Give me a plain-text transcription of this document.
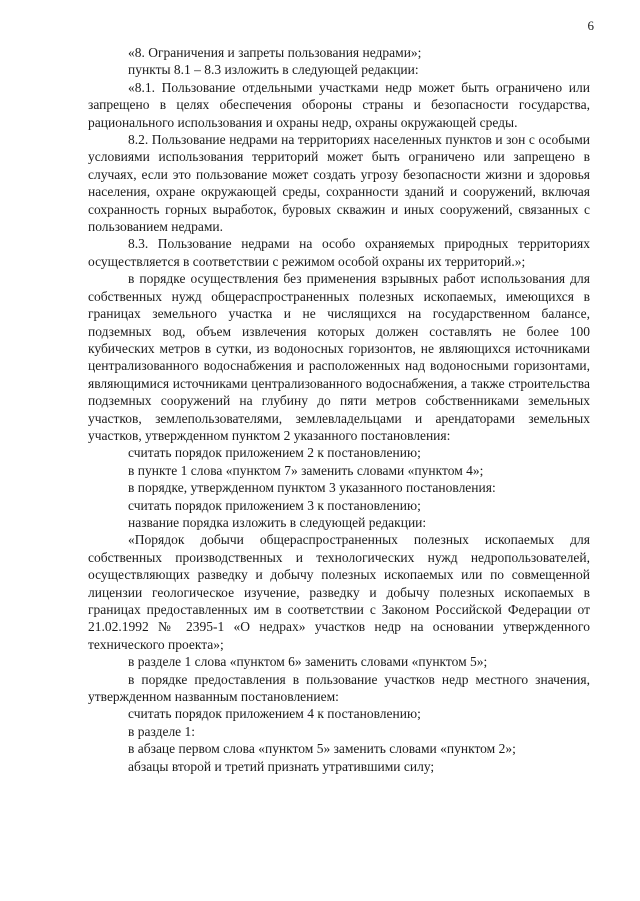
6

«8. Ограничения и запреты пользования недрами»;

пункты 8.1 – 8.3 изложить в следующей редакции:

«8.1. Пользование отдельными участками недр может быть ограничено или запрещено в целях обеспечения обороны страны и безопасности государства, рационального использования и охраны недр, охраны окружающей среды.

8.2. Пользование недрами на территориях населенных пунктов и зон с особыми условиями использования территорий может быть ограничено или запрещено в случаях, если это пользование может создать угрозу безопасности жизни и здоровья населения, охране окружающей среды, сохранности зданий и сооружений, включая сохранность горных выработок, буровых скважин и иных сооружений, связанных с пользованием недрами.

8.3. Пользование недрами на особо охраняемых природных территориях осуществляется в соответствии с режимом особой охраны их территорий.»;

в порядке осуществления без применения взрывных работ использования для собственных нужд общераспространенных полезных ископаемых, имеющихся в границах земельного участка и не числящихся на государственном балансе, подземных вод, объем извлечения которых должен составлять не более 100 кубических метров в сутки, из водоносных горизонтов, не являющихся источниками централизованного водоснабжения и расположенных над водоносными горизонтами, являющимися источниками централизованного водоснабжения, а также строительства подземных сооружений на глубину до пяти метров собственниками земельных участков, землепользователями, землевладельцами и арендаторами земельных участков, утвержденном пунктом 2 указанного постановления:

считать порядок приложением 2 к постановлению;

в пункте 1 слова «пунктом 7» заменить словами «пунктом 4»;

в порядке, утвержденном пунктом 3 указанного постановления:

считать порядок приложением 3 к постановлению;

название порядка изложить в следующей редакции:

«Порядок добычи общераспространенных полезных ископаемых для собственных производственных и технологических нужд недропользователей, осуществляющих разведку и добычу полезных ископаемых или по совмещенной лицензии геологическое изучение, разведку и добычу полезных ископаемых в границах предоставленных им в соответствии с Законом Российской Федерации от 21.02.1992 № 2395-1 «О недрах» участков недр на основании утвержденного технического проекта»;

в разделе 1 слова «пунктом 6» заменить словами «пунктом 5»;

в порядке предоставления в пользование участков недр местного значения, утвержденном названным постановлением:

считать порядок приложением 4 к постановлению;

в разделе 1:

в абзаце первом слова «пунктом 5» заменить словами «пунктом 2»;

абзацы второй и третий признать утратившими силу;
